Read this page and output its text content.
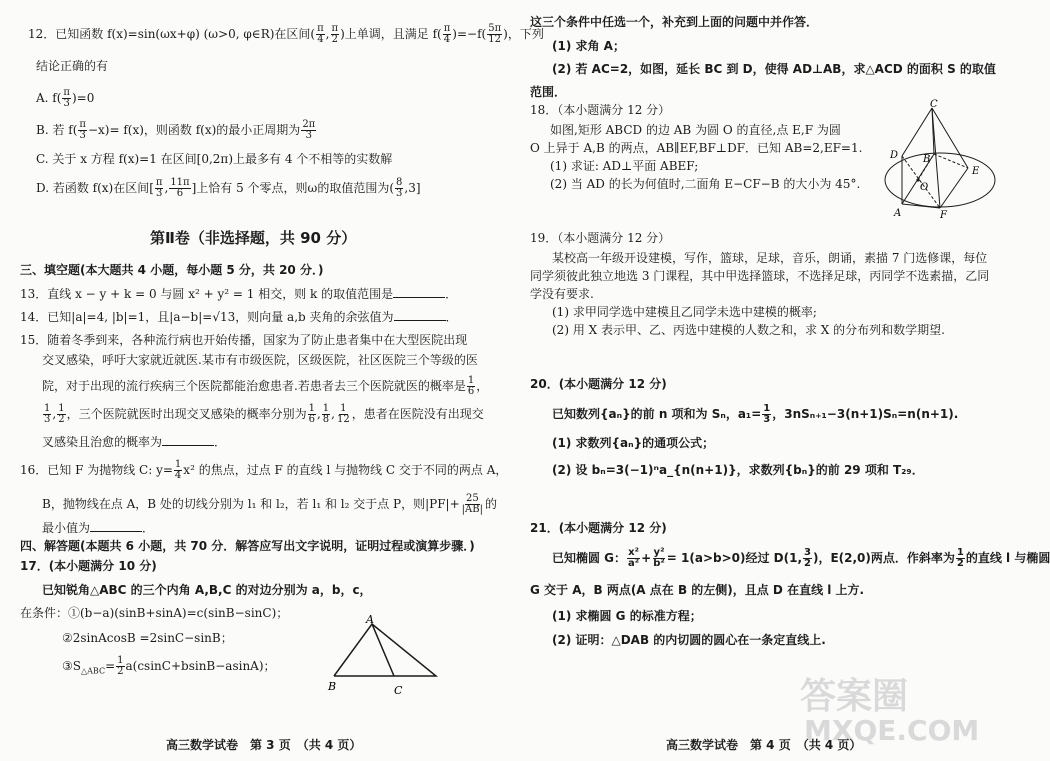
12．已知函数 f(x)=sin(ωx+φ) (ω>0, φ∈R)在区间( $\frac{\pi}{4}$ , $\frac{\pi}{2}$ )上单调，且满足 $f( \frac{\pi}{4} )=-f( \frac{5\pi}{12}$ )，下列
结论正确的有
A. $f( \frac{\pi}{3} )=0$
B. 若 $f( \frac{\pi}{3} -x)= f(x)$，则函数 f(x)的最小正周期为 $\frac{2\pi}{3}$
C. 关于 x 方程 f(x)=1 在区间[0,2π)上最多有 4 个不相等的实数解
D. 若函数 f(x)在区间[ $\frac{\pi}{3}$ , $\frac{11\pi}{6}$ ]上恰有 5 个零点，则ω的取值范围为( $\frac{8}{3} ,3$]
第Ⅱ卷（非选择题，共 90 分）
三、填空题(本大题共 4 小题，每小题 5 分，共 20 分．)
13．直线 x − y + k = 0 与圆 x² + y² = 1 相交，则 k 的取值范围是	．
14．已知|a|=4, |b|=1，且|a−b|=√13，则向量 a,b 夹角的余弦值为	．
15．随着冬季到来，各种流行病也开始传播，国家为了防止患者集中在大型医院出现
交叉感染，呼吁大家就近就医.某市有市级医院，区级医院，社区医院三个等级的医
院，对于出现的流行疾病三个医院都能治愈患者.若患者去三个医院就医的概率是 $\frac{1}{6}$ ，
$\frac{1}{3}$ , $\frac{1}{2}$ ，三个医院就医时出现交叉感染的概率分别为 $\frac{1}{6}$ , $\frac{1}{8}$ , $\frac{1}{12}$ ，患者在医院没有出现交
叉感染且治愈的概率为	．
16．已知 F 为抛物线 C: $y= \frac{1}{4} x^2$ 的焦点，过点 F 的直线 l 与抛物线 C 交于不同的两点 A，
B，抛物线在点 A，B 处的切线分别为 l₁ 和 l₂，若 l₁ 和 l₂ 交于点 P，则$|PF|+ \frac{25}{|AB|}$ 的
最小值为	．
四、解答题(本题共 6 小题，共 70 分．解答应写出文字说明，证明过程或演算步骤．)
17．(本小题满分 10 分)
已知锐角△ABC 的三个内角 A,B,C 的对边分别为 a，b，c，
在条件：①(b−a)(sinB+sinA)=c(sinB−sinC)；
②2sinAcosB =2sinC−sinB；
$③S_{\triangle ABC}= \frac{1}{2} a(csinC+bsinB-asinA)$；
A
B	C
高三数学试卷　第 3 页　（共 4 页）
这三个条件中任选一个，补充到上面的问题中并作答．
(1) 求角 A；
(2) 若 AC=2，如图，延长 BC 到 D，使得 AD⊥AB，求△ACD 的面积 S 的取值
范围．
18．（本小题满分 12 分）
如图,矩形 ABCD 的边 AB 为圆 O 的直径,点 E,F 为圆
O 上异于 A,B 的两点，AB∥EF,BF⊥DF．已知 AB=2,EF=1.
(1) 求证: AD⊥平面 ABEF;
(2) 当 AD 的长为何值时,二面角 E−CF−B 的大小为 45°.
C
D B
O
E
A	F
19．（本小题满分 12 分）
某校高一年级开设建模，写作，篮球，足球，音乐，朗诵，素描 7 门选修课，每位
同学须彼此独立地选 3 门课程，其中甲选择篮球，不选择足球，丙同学不选素描，乙同
学没有要求.
(1) 求甲同学选中建模且乙同学未选中建模的概率;
(2) 用 X 表示甲、乙、丙选中建模的人数之和，求 X 的分布列和数学期望.
20．(本小题满分 12 分)
已知数列{aₙ}的前 n 项和为 Sₙ，$a_1= \frac{1}{3}$ ，3nSₙ₊₁−3(n+1)Sₙ=n(n+1).
(1) 求数列{aₙ}的通项公式；
(2) 设 bₙ=3(−1)ⁿa_{n(n+1)}，求数列{bₙ}的前 29 项和 T₂₉．
21．(本小题满分 12 分)
已知椭圆 G： $\frac{\text{x²}}{\text{a²}} + \frac{\text{y²}}{\text{b²}} = 1(a>b>0)$经过 D(1, $\frac{3}{2}$ )，E(2,0)两点．作斜率为 $\frac{1}{2}$ 的直线 l 与椭圆
G 交于 A，B 两点(A 点在 B 的左侧)，且点 D 在直线 l 上方.
(1) 求椭圆 G 的标准方程；
(2) 证明：△DAB 的内切圆的圆心在一条定直线上.
答案圈
MXQE.COM
高三数学试卷　第 4 页　（共 4 页）
